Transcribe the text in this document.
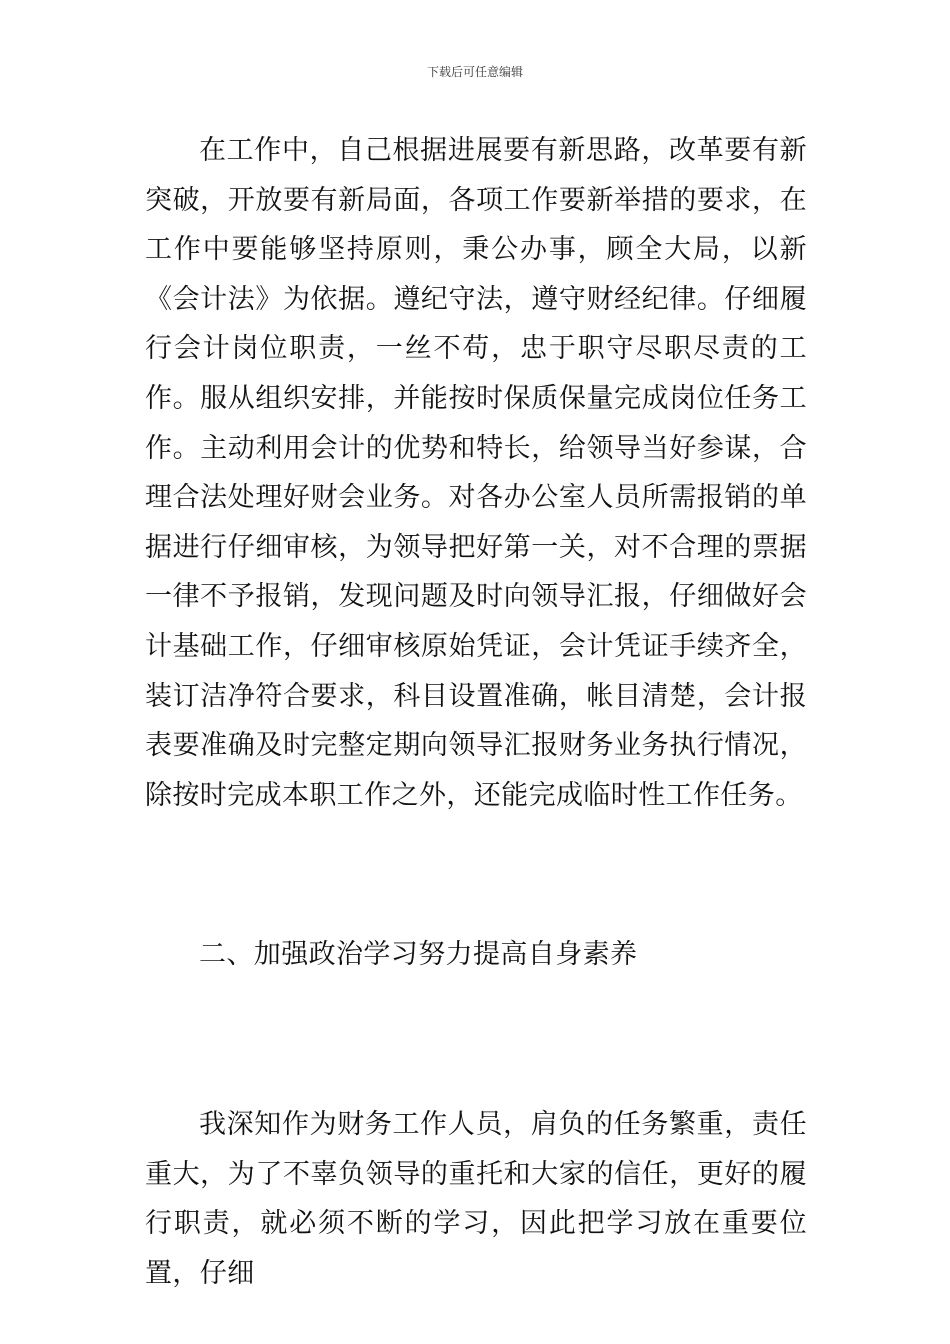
下载后可任意编辑

在工作中，自己根据进展要有新思路，改革要有新突破，开放要有新局面，各项工作要新举措的要求，在工作中要能够坚持原则，秉公办事，顾全大局，以新《会计法》为依据。遵纪守法，遵守财经纪律。仔细履行会计岗位职责，一丝不苟，忠于职守尽职尽责的工作。服从组织安排，并能按时保质保量完成岗位任务工作。主动利用会计的优势和特长，给领导当好参谋，合理合法处理好财会业务。对各办公室人员所需报销的单据进行仔细审核，为领导把好第一关，对不合理的票据一律不予报销，发现问题及时向领导汇报，仔细做好会计基础工作，仔细审核原始凭证，会计凭证手续齐全，装订洁净符合要求，科目设置准确，帐目清楚，会计报表要准确及时完整定期向领导汇报财务业务执行情况，除按时完成本职工作之外，还能完成临时性工作任务。

二、加强政治学习努力提高自身素养

我深知作为财务工作人员，肩负的任务繁重，责任重大，为了不辜负领导的重托和大家的信任，更好的履行职责，就必须不断的学习，因此把学习放在重要位置，仔细
